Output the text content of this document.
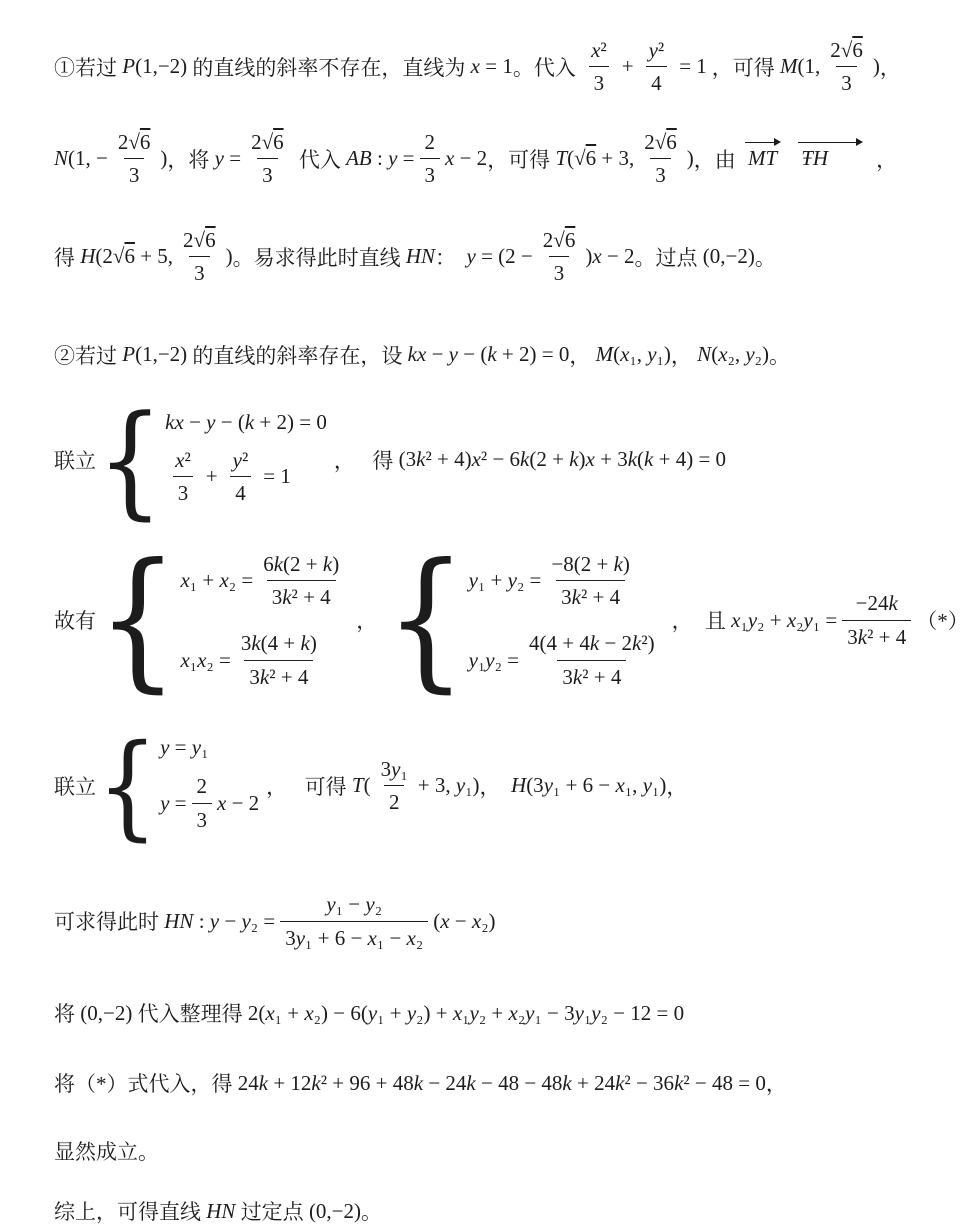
①若过 P(1,−2) 的直线的斜率不存在，直线为 x = 1 。代入 $\frac{\text{x²}}{3} + \frac{\text{y²}}{4} = 1$ ，可得 M(1, $\frac{2√6}{3}$ ) ，
N(1, − $\frac{2√6}{3}$ ) ，将 $y = \frac{2√6}{3}$ 代入 AB : $y = \frac{2}{3}$ x − 2 ，可得 T(√ 6 + 3, $\frac{2√6}{3}$ ) ，由 MT ŦH	，
得 H(2√ 6 + 5, $\frac{2√6}{3}$ ) 。易求得此时直线 HN ： $y = (2 - \frac{2√6}{3} )x - 2$ 。过点 (0,−2) 。
②若过 P(1,−2) 的直线的斜率存在，设 kx − y − (k + 2) = 0 ， M(x₁, y₁) ， N(x₂, y₂) 。
联立 { kx − y − (k + 2) = 0
$\frac{\text{x²}}{3} + \frac{\text{y²}}{4} = 1$
， 得 (3k² + 4)x² − 6k(2 + k)x + 3k(k + 4) = 0
故有 { $x_1 + x_2 = \frac{6k(2 + k)}{\text{3k² + 4}}$
$x_1x_2 = \frac{3k(4 + k)}{\text{3k² + 4}}$
， { $y_1 + y_2 = \frac{-8(2 + k)}{\text{3k² + 4}}$
$y_1y_2 = \frac{\text{4(4 + 4k − 2k²)}}{\text{3k² + 4}}$
， 且 $x_1y_2 + x_2y_1 = \frac{-24k}{\text{3k² + 4}}$ （*）
联立 { y = y₁
$y = \frac{2}{3}$ x − 2
， 可得 $T( \frac{\text{3y₁}}{2} + 3$, y₁) ， H(3y₁ + 6 − x₁, y₁) ，
可求得此时 HN : $y - y_2 = \frac{\text{y₁ − y₂}}{\text{3y₁ + 6 − x₁ − x₂}} (x - x_2)$
将 (0,−2) 代入整理得 2(x₁ + x₂) − 6(y₁ + y₂) + x₁y₂ + x₂y₁ − 3y₁y₂ − 12 = 0
将（*）式代入，得 24k + 12k² + 96 + 48k − 24k − 48 − 48k + 24k² − 36k² − 48 = 0 ，
显然成立。
综上，可得直线 HN 过定点 (0,−2) 。
